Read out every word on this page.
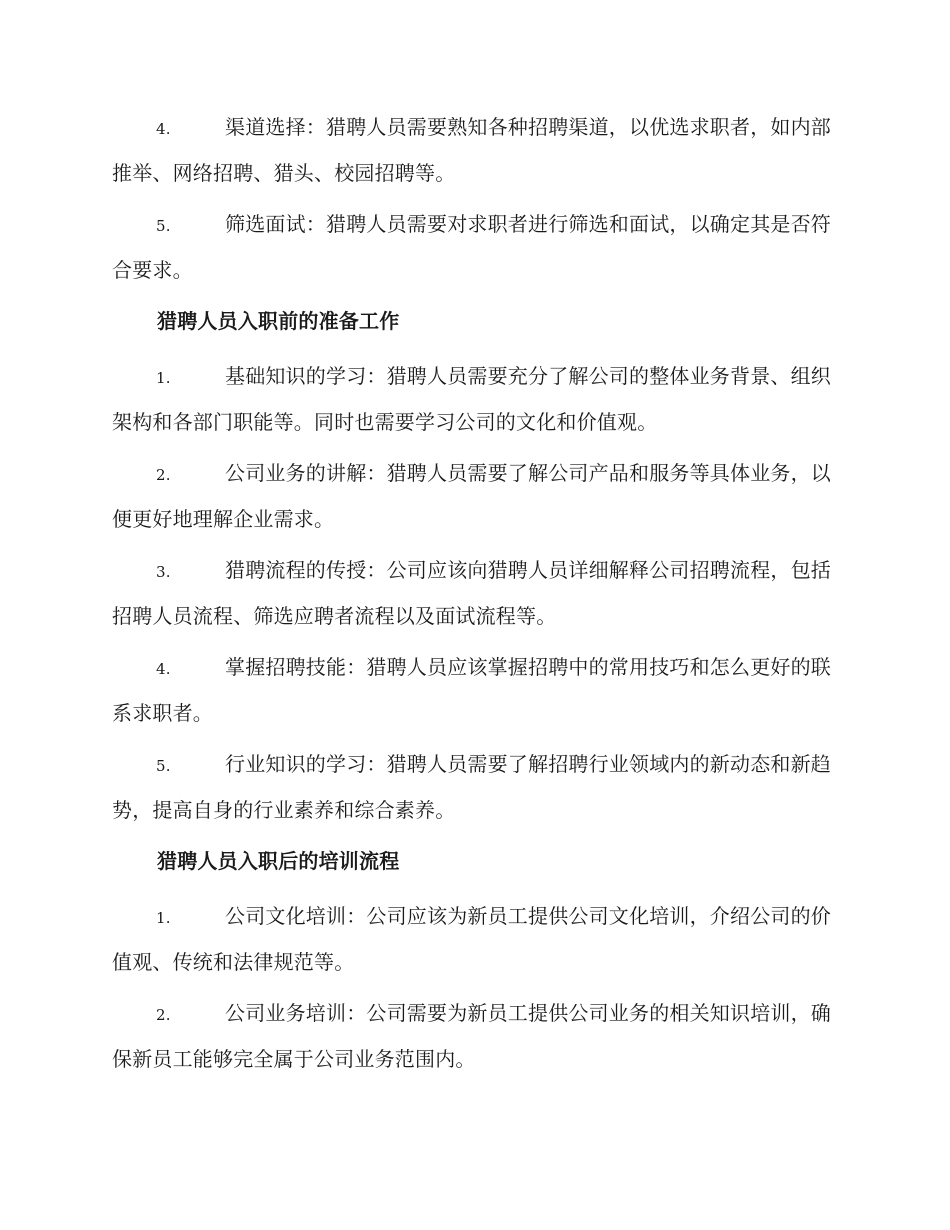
4.	渠道选择：猎聘人员需要熟知各种招聘渠道，以优选求职者，如内部推举、网络招聘、猎头、校园招聘等。

5.	筛选面试：猎聘人员需要对求职者进行筛选和面试，以确定其是否符合要求。

猎聘人员入职前的准备工作

1.	基础知识的学习：猎聘人员需要充分了解公司的整体业务背景、组织架构和各部门职能等。同时也需要学习公司的文化和价值观。

2.	公司业务的讲解：猎聘人员需要了解公司产品和服务等具体业务，以便更好地理解企业需求。

3.	猎聘流程的传授：公司应该向猎聘人员详细解释公司招聘流程，包括招聘人员流程、筛选应聘者流程以及面试流程等。

4.	掌握招聘技能：猎聘人员应该掌握招聘中的常用技巧和怎么更好的联系求职者。

5.	行业知识的学习：猎聘人员需要了解招聘行业领域内的新动态和新趋势，提高自身的行业素养和综合素养。

猎聘人员入职后的培训流程

1.	公司文化培训：公司应该为新员工提供公司文化培训，介绍公司的价值观、传统和法律规范等。

2.	公司业务培训：公司需要为新员工提供公司业务的相关知识培训，确保新员工能够完全属于公司业务范围内。
